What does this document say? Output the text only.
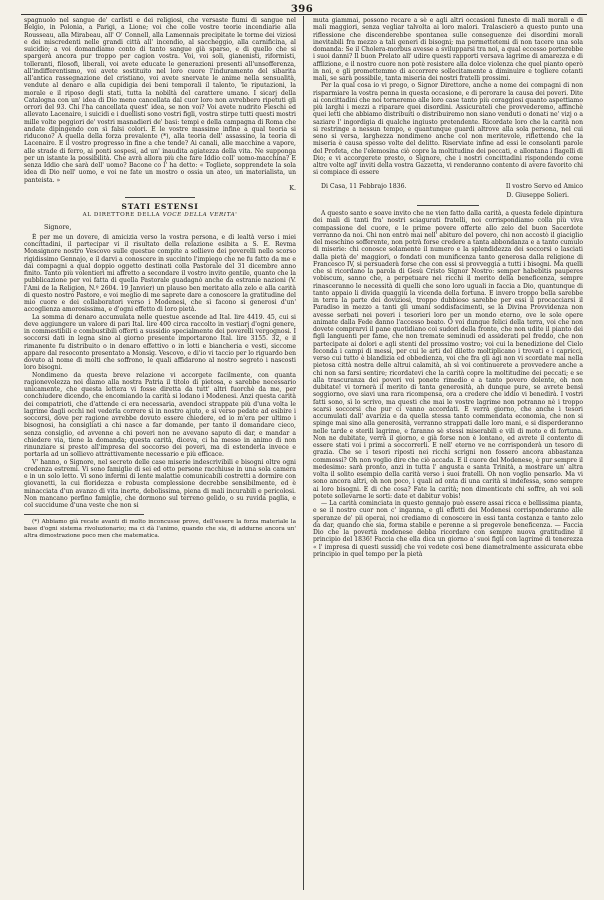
396

spagnuolo nel sangue de' carlisti e dei religiosi, che versaste fiumi di sangue nel Belgio, in Polonia, a Parigi, a Lione; voi che colle vostre teorie incendiarie alla Rousseau, alla Mirabeau, all' O' Connell, alla Lamennais precipitate le torme dei viziosi e dei miscredenti nelle grandi città all' incendio, al saccheggio, alla carnificina, al suicidio; a voi domandiamo conto di tanto sangue già sparso, e di quello che si spargerà ancora pur troppo per cagion vostra. Voi, voi soli, gianenisti, riformisti, tolleranti, filosofi, liberali, voi avete educate le generazioni presenti all'unsofferenza, all'indifferentismo, voi avete sostituito nel loro cuore l'induramento del sibaritа all'antica rassegnazione del cristiano, voi avete snervate le anime nella sensualità, vendute al denaro e alla cupidigia dei beni temporali il talento, 'le riputazioni, la morale e il riposo degli stati, tutta la nobiltà del carattere umano. I sicarj della Catalogna con un' idea di Dio meno cancellata dal cuor loro non avrebbero ripetuti gli orrori del 93. Chi l'ha cancellata quest' idea, se non voi? Voi avete nudrito Fieschi ed allevato Lacenaire, i suicidi e i duellisti sono vostri figli, vostra stirpe tutti questi mostri mille volte peggiori de' vostri masnadieri de' basi: tempi e della campagna di Roma che andate dipingendo con sì falsi colori. E le vostre massime infine a qual teoria si riducono? A quella della forza prevalente (*), alla teoria dell' assassino, la teoria di Lacenaire. E il vostro progresso in fine a che tende? Ai canali, alle macchine a vapore, alle strade di ferro, ai ponti sospesi, ad un' inaudita agiatezza della vita. Ne supponga per un istante la possibilità. Che avrà allora più che fare Iddio coll' uomo-macchina? E senza Iddio che sarà dell' uomo? Bacone co l' ha detto: « Togliete, sopprendete la sola idea di Dio nell' uomo, e voi ne fate un mostro o ossia un ateo, un materialista, un panteista. »

K.
STATI ESTENSI
AL DIRETTORE DELLA VOCE DELLA VERITA'

Signore,

È per me un dovere, di amicizia verso la vostra persona, e di lealtà verso i miei concittadini, il partecipar vi il risultato della relazione esibita a S. E. Revma Monsignore nostro Vescovo sulle questue compite a sollievo dei poverelli nello scorso rigidissimo Gennajo, e il darvi a conoscere in succinto l'impiego che ne fu fatto da me e dai compagni a qual doppio oggetto destinati colla Pastorale del 31 dicembre anno finito. Tanto più volentieri mi affretto a secondare il vostro invito gentile, quanto che la pubblicazione per voi fatta di quella Pastorale guadagnò anche da estranie nazioni (V. l'Ami de la Religion, N.º 2604. 19 Janvier) un plauso ben meritato alla zelo e alla carità di questo nostro Pastore, e voi meglio di me saprete dare a conoscere la gratitudine del mio cuore e dei collaboratori verso i Modenesi, che sì facono sì generosi d'un' accoglienza amorosissima, e d'ogni effetto di loro pietà.

La somma di denaro accumulata nelle questue ascende ad Ital. lire 4419. 45, cui si deve aggiungere un valore di pari Ital. lire 400 circa raccolto in vestiarj d'ogni genere, in commestibili e combustibili offerti a sussidio specialmente dei poverelli vergognosi. I soccorsi dati in legna sino al giorno presente importarono Ital. lire 3155. 32, e il rimanente fu distribuito o in denaro effettivo o in lotti e biancheria e vesti, siccome appare dal resoconto presentato a Monsig. Vescovo, e di'io vi taccio per lo riguardo ben dovuto al nome di molti che soffrono, le quali affidarono al nostro segreto i nascosti loro bisogni.

Nondimeno da questa breve relazione vi accorgete facilmente, con quanta ragionevolezza noi diamo alla nostra Patria il titolo di pietosa, e sarebbe necessario unicamente, che questa lettera vi fosse diretta da tutt' altri fuorchè da me, per conchiudere dicendo, che encomiando la carità si lodano i Modenesi. Anzi questa carità dei compatrioti, che d'attende ci era necessaria, avendoci strappate più d'una volta le lagrime dagli occhi nel vederla correre sì in nostro ajuto, e sì verso pedate ad esibire i soccorsi, dove per ragione avrebbe dovuto essere chiedere, ed io m'era per ultimo i bisognosi, ha consigliati a chi nasce a far domande, per tanto il domandare cieco, senza consiglio, ed avvenne a chi poveri non ne avevano saputo di dar, e mandar a chiedere via, tiene la domanda; questa carità, diceva, ci ha messo in animo di non rinunziare si presto all'impresa del soccorso dei poveri, ma di estenderla invece e portarla ad un sollievo attrattivamente necessario e più efficace.

V' hanno, o Signore, nel secreto delle case miserie indescrivibili e bisogni oltre ogni credenza estremi. Vi sono famiglie di sei ed otto persone racchiuse in una sola camera e in un solo letto. Vi sono infermi di lente malattie comunicabili costretti a dormire con giovanetti, la cui floridezza e robusta complessione decrebbe sensibilmente, ed è minacciata d'un avanzo di vita inerte, debolissima, piena di mali incurabili e pericolosi. Non mancano perfino famiglie, che dormono sul terreno gelido, o su ruvida paglia, e col succidume d'una veste che non si

(*) Abbiamo già recate avanti di molto inconcusse prove, dell'essere la forza materiale la base d'ogni sistema rivoluzionario; ma ci dà l'animo, quando che sia, di addurne ancora un' altra dimostrazione poco men che matematica.

muta giammai, possono recare a sè e agli altri occasioni funeste di mali morali e di mali maggiori, senza vegliar talvolta ai loro malori. Tralascierò a questo punto una riflessione che discenderebbe spontanea sulle conseguenze dei disordini morali inevitabili fra mezzo a tali generi di bisogni; ma permettetemi di non tacere una sola domanda: Se il Cholera-morbus avesse a svilupparsi tra noi, a qual eccesso porterebbe i suoi danni? Il buon Prelato all' udire questi rapporti versava lagrime di amarezza e di afflizione, e il nostro cuore non potè resistere alla dolce violenza che quel pianto operò in noi, e gli promettemmo di accorrere sollecitamente a diminuire e togliere cotanti mali, se sarà possibile, tanta miseria dei nostri fratelli prossimi.

Per la qual cosa io vi prego, o Signor Direttore, anche a nome dei compagni di non risparmiare la vostra penna in questa occasione, e di perorare la causa dei poveri. Dite ai concittadini che noi torneremo alle loro case tanto più coraggiosi quanto aspettiamo più larghi i mezzi a riparare quei disordini. Assicurateli che provvederemo, affinchè quei letti che abbiamo distribuiti o distribuiremo non siano venduti o donati ne' vizj o a saziare l' ingordigia di qualche ingiusto pretendente. Ricordate loro che la carità non si restringe a nessun tempo, e quantunque guardi altrove alla sola persona, nel cui seno si versa, larghezza nondimeno anche col non meritevole, riflettendo che la miseria è causa spesso volte del delitto. Riserviate infine ad essi le consolanti parole del Profeta, che l'elemosina ciò copre la moltitudine dei peccati, e allontana i flagelli di Dio; e vi accorgerete presto, o Signore, che i nostri concittadini rispondendo come altre volte agl' inviti della vostra Gazzetta, vi renderanno contento di avere favorito chi si compiace di essere

Di Casa, 11 Febbrajo 1836.	Il vostro Servo ed Amico

D. Giuseppe Solieri.

A questo santo e soave invito che ne vien fatto dalla carità, a questa fedele dipintura dei mali di tanti fra' nostri sciagurati fratelli, noi corrispondiamo colla più viva compassione del cuore, e le prime povere offerte allo zelo del buon Sacerdote verranno da noi. Chi non entrò mai nell' abituro del povero, chi non accostò il giaciglio del meschino sofferente, non potrà forse credere a tanta abbondanza e a tanto cumulo di miserie: chi conosce solamente il numero e la splendidezza dei soccorsi o lasciati dalla pietà de' maggiori, o fondati con munificenza tanto generosa dalla religione di Francesco IV, si persuaderà forse che con essi si provveggia a tutti i bisogni. Ma quelli che si ricordano la parola di Gesù Cristo Signor Nostro: semper habebitis pauperes vobiscum, sanno che, a perpetuare nei ricchi il merito della beneficenza, sempre rinasceranno le necessità di quelli che sono loro uguali in faccia a Dio, quantunque di tanto appaio li divida quaggiù la vicenda della fortuna. E invero troppo bella sarebbe in terra la parte dei doviziosi, troppo dubbioso sarebbe per essi il procacciarsi il Paradiso in mezzo a tanti gli umani soddisfacimenti, se la Divina Provvidenza non avesse serbati nei poveri i tesorieri loro per un mondo eterno, ove le sole opere animate dalla Fede danno l'accesso beato. O voi dunque felici della terra, voi che non dovete comprarvi il pane quotidiano coi sudori della fronte, che non udite il pianto dei figli languenti per fame, che non tremate seminudi ed assiderati pel freddo, che non partecipate ai dolori e agli stenti del prossimo vostro; voi cui la benedizione del Cielo feconda i campi di messi, per cui le arti del diletto moltiplicano i trovati e i capricci, verso cui tutto è blandizia ed obbedienza, voi che fra gli agi non vi scordate mai nella pietosa città nostra delle altrui calamità, ah sì voi continuerete a provvedere anche a chi non sa farsi sentire; ricordatevi che la carità copre la moltitudine dei peccati; e se alla trascuranza dei poveri voi ponete rimedio e a tanto povero dolente, oh non dubitate! vi tornerà il merito di tanta generosità, ah dunque pure, se avrete bensì soggiorno, ove siavi una rara ricompensa, ora a credere che iddio vi benedirà. I vostri fatti sono, sì lo scrivo, ma questi che mai le vostre lagrime non potranno nè i troppo scarsi soccorsi che pur ci vanno accordati. E verrà giorno, che anche i tesori accumulati dall' avarizia e da quella stessa tanto commendata economia, che non si spinge mai sino alla generosità, verranno strappati dalle loro mani, e si disperderanno nelle tarde e sterili lagrime, e faranno sè stessi miserabili e vili di moto e di fortuna. Non ne dubitate, verrà il giorno, e già forse non è lontano, ed avrete il contento di essere stati voi i primi a soccorrerli. E nell' eterno ve ne corrisponderà un tesoro di grazia. Che se i tesori riposti nei ricchi scrigni non fossero ancora abbastanza commossi? Oh non voglio dire che ciò accada. E il cuore del Modenese, è pur sempre il medesimo: sarà pronto, anzi in tutta l' angusta e santa Trinità, a mostrare un' altra volta il solito esempio della carità verso i suoi fratelli. Oh non voglio pensarlo. Ma vi sono ancora altri, oh non poco, i quali ad onta di una carità sì indefessa, sono sempre ai loro bisogni. E di che cosa? Fate la carità; non dimenticate chi soffre, ah voi soli potete sollevarne le sorti: date et dabitur vobis!

— La carità cominciata in questo gennajo può essere assai ricca e bellissima pianta, e se il nostro cuor non c' inganna, e gli effetti dei Modenesi corrisponderanno alle speranze de' pii operai, noi crediamo di conoscere in essi tanta costanza e tanto zelo da dar, quando che sia, forma stabile e perenne a sì pregevole beneficenza. — Faccia Dio che la povertà modenese debba ricordare con sempre nuova gratitudine il principio del 1836! Faccia che ella dica un giorno a' suoi figli con lagrime di tenerezza « l' impresa di questi sussidj che voi vedete così bene diametralmente assicurata ebbe principio in quel tempo per la pietà
